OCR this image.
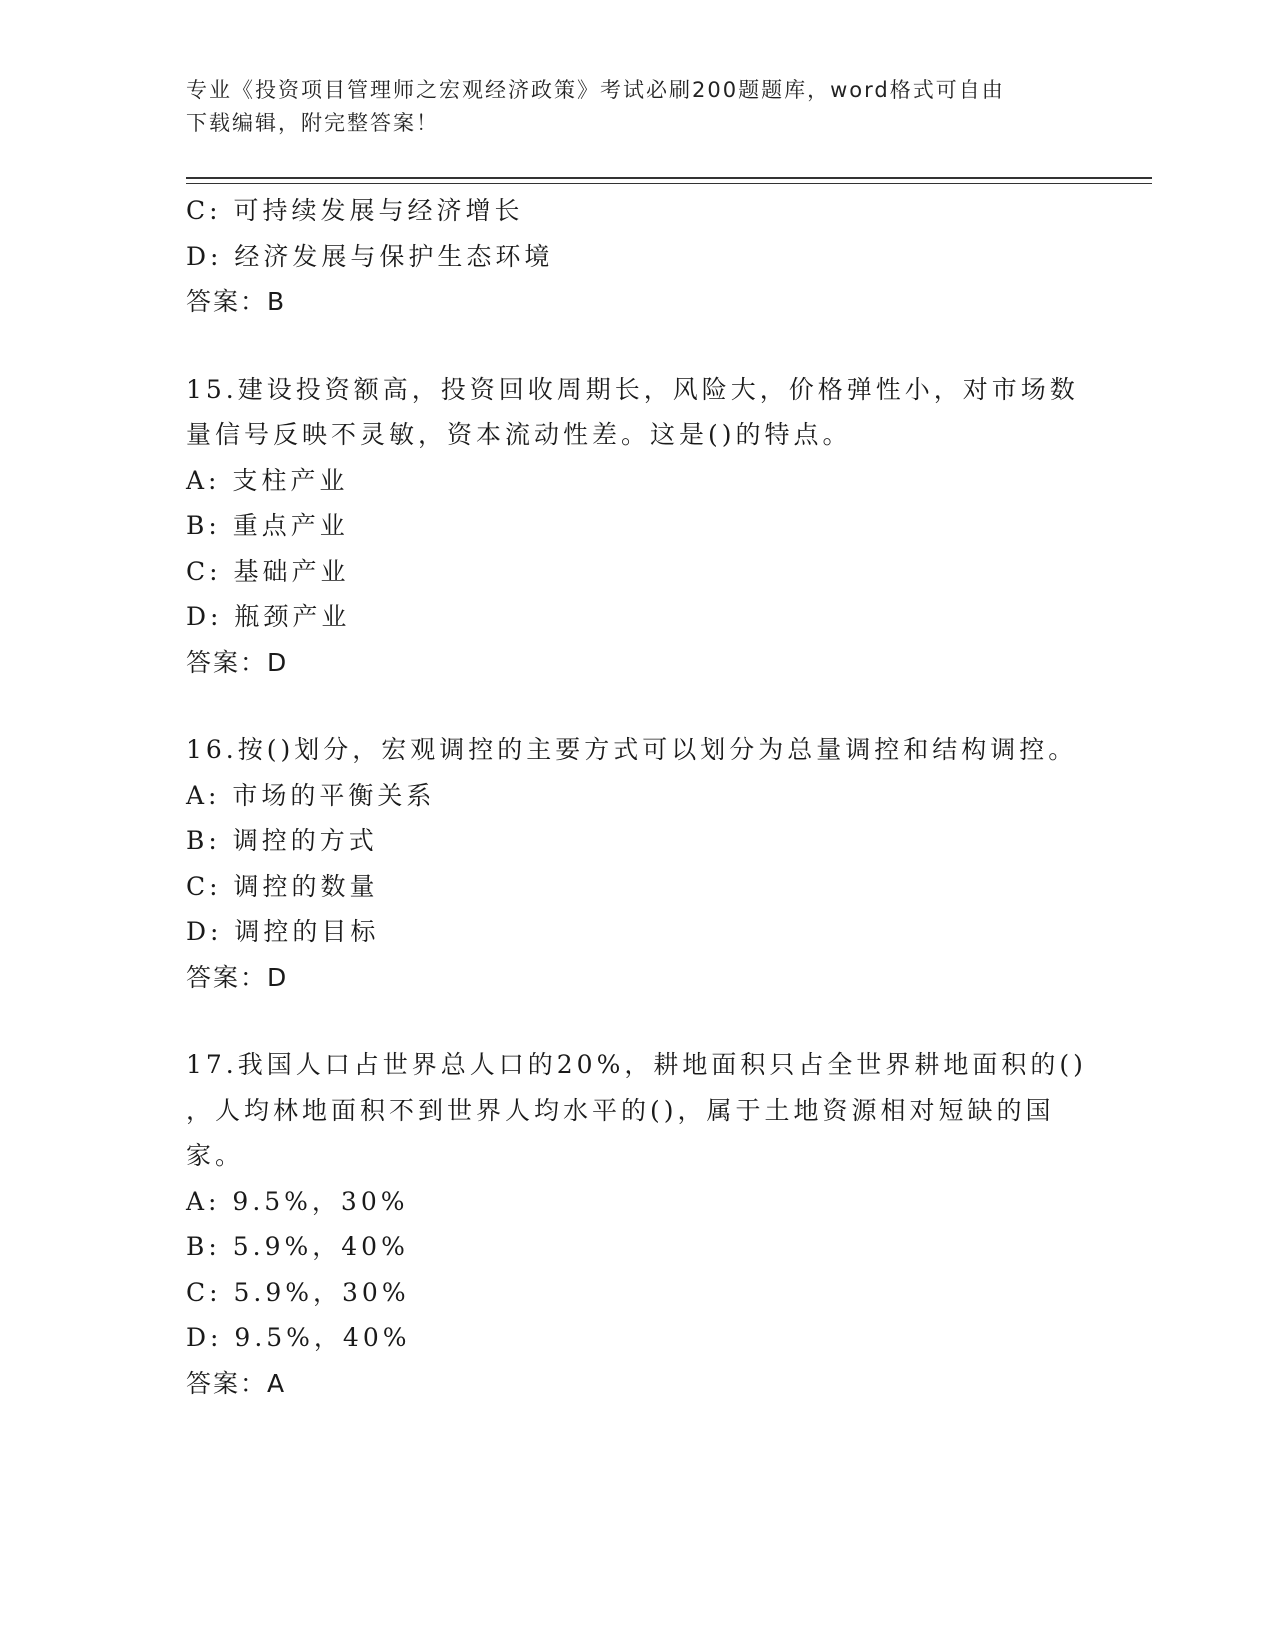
专业《投资项目管理师之宏观经济政策》考试必刷200题题库，word格式可自由
下载编辑，附完整答案！
C: 可持续发展与经济增长
D: 经济发展与保护生态环境
答案：B
15.建设投资额高，投资回收周期长，风险大，价格弹性小，对市场数
量信号反映不灵敏，资本流动性差。这是()的特点。
A: 支柱产业
B: 重点产业
C: 基础产业
D: 瓶颈产业
答案：D
16.按()划分，宏观调控的主要方式可以划分为总量调控和结构调控。
A: 市场的平衡关系
B: 调控的方式
C: 调控的数量
D: 调控的目标
答案：D
17.我国人口占世界总人口的20%，耕地面积只占全世界耕地面积的()
，人均林地面积不到世界人均水平的()，属于土地资源相对短缺的国
家。
A: 9.5%，30%
B: 5.9%，40%
C: 5.9%，30%
D: 9.5%，40%
答案：A
